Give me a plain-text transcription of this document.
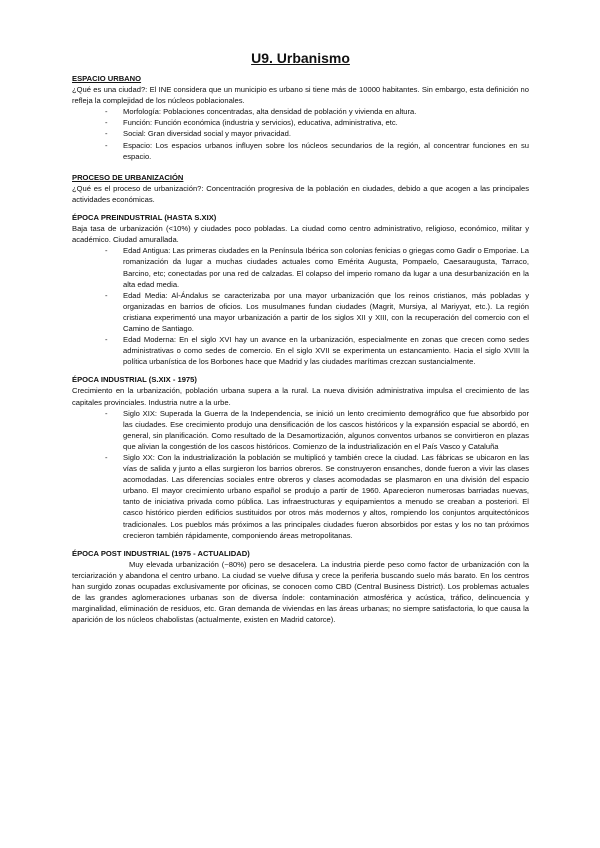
U9. Urbanismo
ESPACIO URBANO

¿Qué es una ciudad?: El INE considera que un municipio es urbano si tiene más de 10000 habitantes. Sin embargo, esta definición no refleja la complejidad de los núcleos poblacionales.

- Morfología: Poblaciones concentradas, alta densidad de población y vivienda en altura.
- Función: Función económica (industria y servicios), educativa, administrativa, etc.
- Social: Gran diversidad social y mayor privacidad.
- Espacio: Los espacios urbanos influyen sobre los núcleos secundarios de la región, al concentrar funciones en su espacio.
PROCESO DE URBANIZACIÓN

¿Qué es el proceso de urbanización?: Concentración progresiva de la población en ciudades, debido a que acogen a las principales actividades económicas.

ÉPOCA PREINDUSTRIAL (HASTA S.XIX)

Baja tasa de urbanización (<10%) y ciudades poco pobladas. La ciudad como centro administrativo, religioso, económico, militar y académico. Ciudad amurallada.

- Edad Antigua: Las primeras ciudades en la Península Ibérica son colonias fenicias o griegas como Gadir o Emporiae. La romanización da lugar a muchas ciudades actuales como Emérita Augusta, Pompaelo, Caesaraugusta, Tarraco, Barcino, etc; conectadas por una red de calzadas. El colapso del imperio romano da lugar a una desurbanización en la alta edad media.
- Edad Media: Al-Ándalus se caracterizaba por una mayor urbanización que los reinos cristianos, más pobladas y organizadas en barrios de oficios. Los musulmanes fundan ciudades (Magrit, Mursiya, al Mariyyat, etc.). La región cristiana experimentó una mayor urbanización a partir de los siglos XII y XIII, con la recuperación del comercio con el Camino de Santiago.
- Edad Moderna: En el siglo XVI hay un avance en la urbanización, especialmente en zonas que crecen como sedes administrativas o como sedes de comercio. En el siglo XVII se experimenta un estancamiento. Hacia el siglo XVIII la política urbanística de los Borbones hace que Madrid y las ciudades marítimas crezcan sustancialmente.
ÉPOCA INDUSTRIAL (S.XIX - 1975)

Crecimiento en la urbanización, población urbana supera a la rural. La nueva división administrativa impulsa el crecimiento de las capitales provinciales. Industria nutre a la urbe.

- Siglo XIX: Superada la Guerra de la Independencia, se inició un lento crecimiento demográfico que fue absorbido por las ciudades. Ese crecimiento produjo una densificación de los cascos históricos y la expansión espacial se abordó, en general, sin planificación. Como resultado de la Desamortización, algunos conventos urbanos se convirtieron en plazas que alivian la congestión de los cascos históricos. Comienzo de la industrialización en el País Vasco y Cataluña
- Siglo XX: Con la industrialización la población se multiplicó y también crece la ciudad. Las fábricas se ubicaron en las vías de salida y junto a ellas surgieron los barrios obreros. Se construyeron ensanches, donde fueron a vivir las clases acomodadas. Las diferencias sociales entre obreros y clases acomodadas se plasmaron en una división del espacio urbano. El mayor crecimiento urbano español se produjo a partir de 1960. Aparecieron numerosas barriadas nuevas, tanto de iniciativa privada como pública. Las infraestructuras y equipamientos a menudo se creaban a posteriori. El casco histórico pierden edificios sustituidos por otros más modernos y altos, rompiendo los conjuntos arquitectónicos tradicionales. Los pueblos más próximos a las principales ciudades fueron absorbidos por estas y los no tan próximos crecieron también rápidamente, componiendo áreas metropolitanas.
ÉPOCA POST INDUSTRIAL (1975 - ACTUALIDAD)

Muy elevada urbanización (~80%) pero se desacelera. La industria pierde peso como factor de urbanización con la terciarización y abandona el centro urbano. La ciudad se vuelve difusa y crece la periferia buscando suelo más barato. En los centros han surgido zonas ocupadas exclusivamente por oficinas, se conocen como CBD (Central Business District). Los problemas actuales de las grandes aglomeraciones urbanas son de diversa índole: contaminación atmosférica y acústica, tráfico, delincuencia y marginalidad, eliminación de residuos, etc. Gran demanda de viviendas en las áreas urbanas; no siempre satisfactoria, lo que causa la aparición de los núcleos chabolistas (actualmente, existen en Madrid catorce).
